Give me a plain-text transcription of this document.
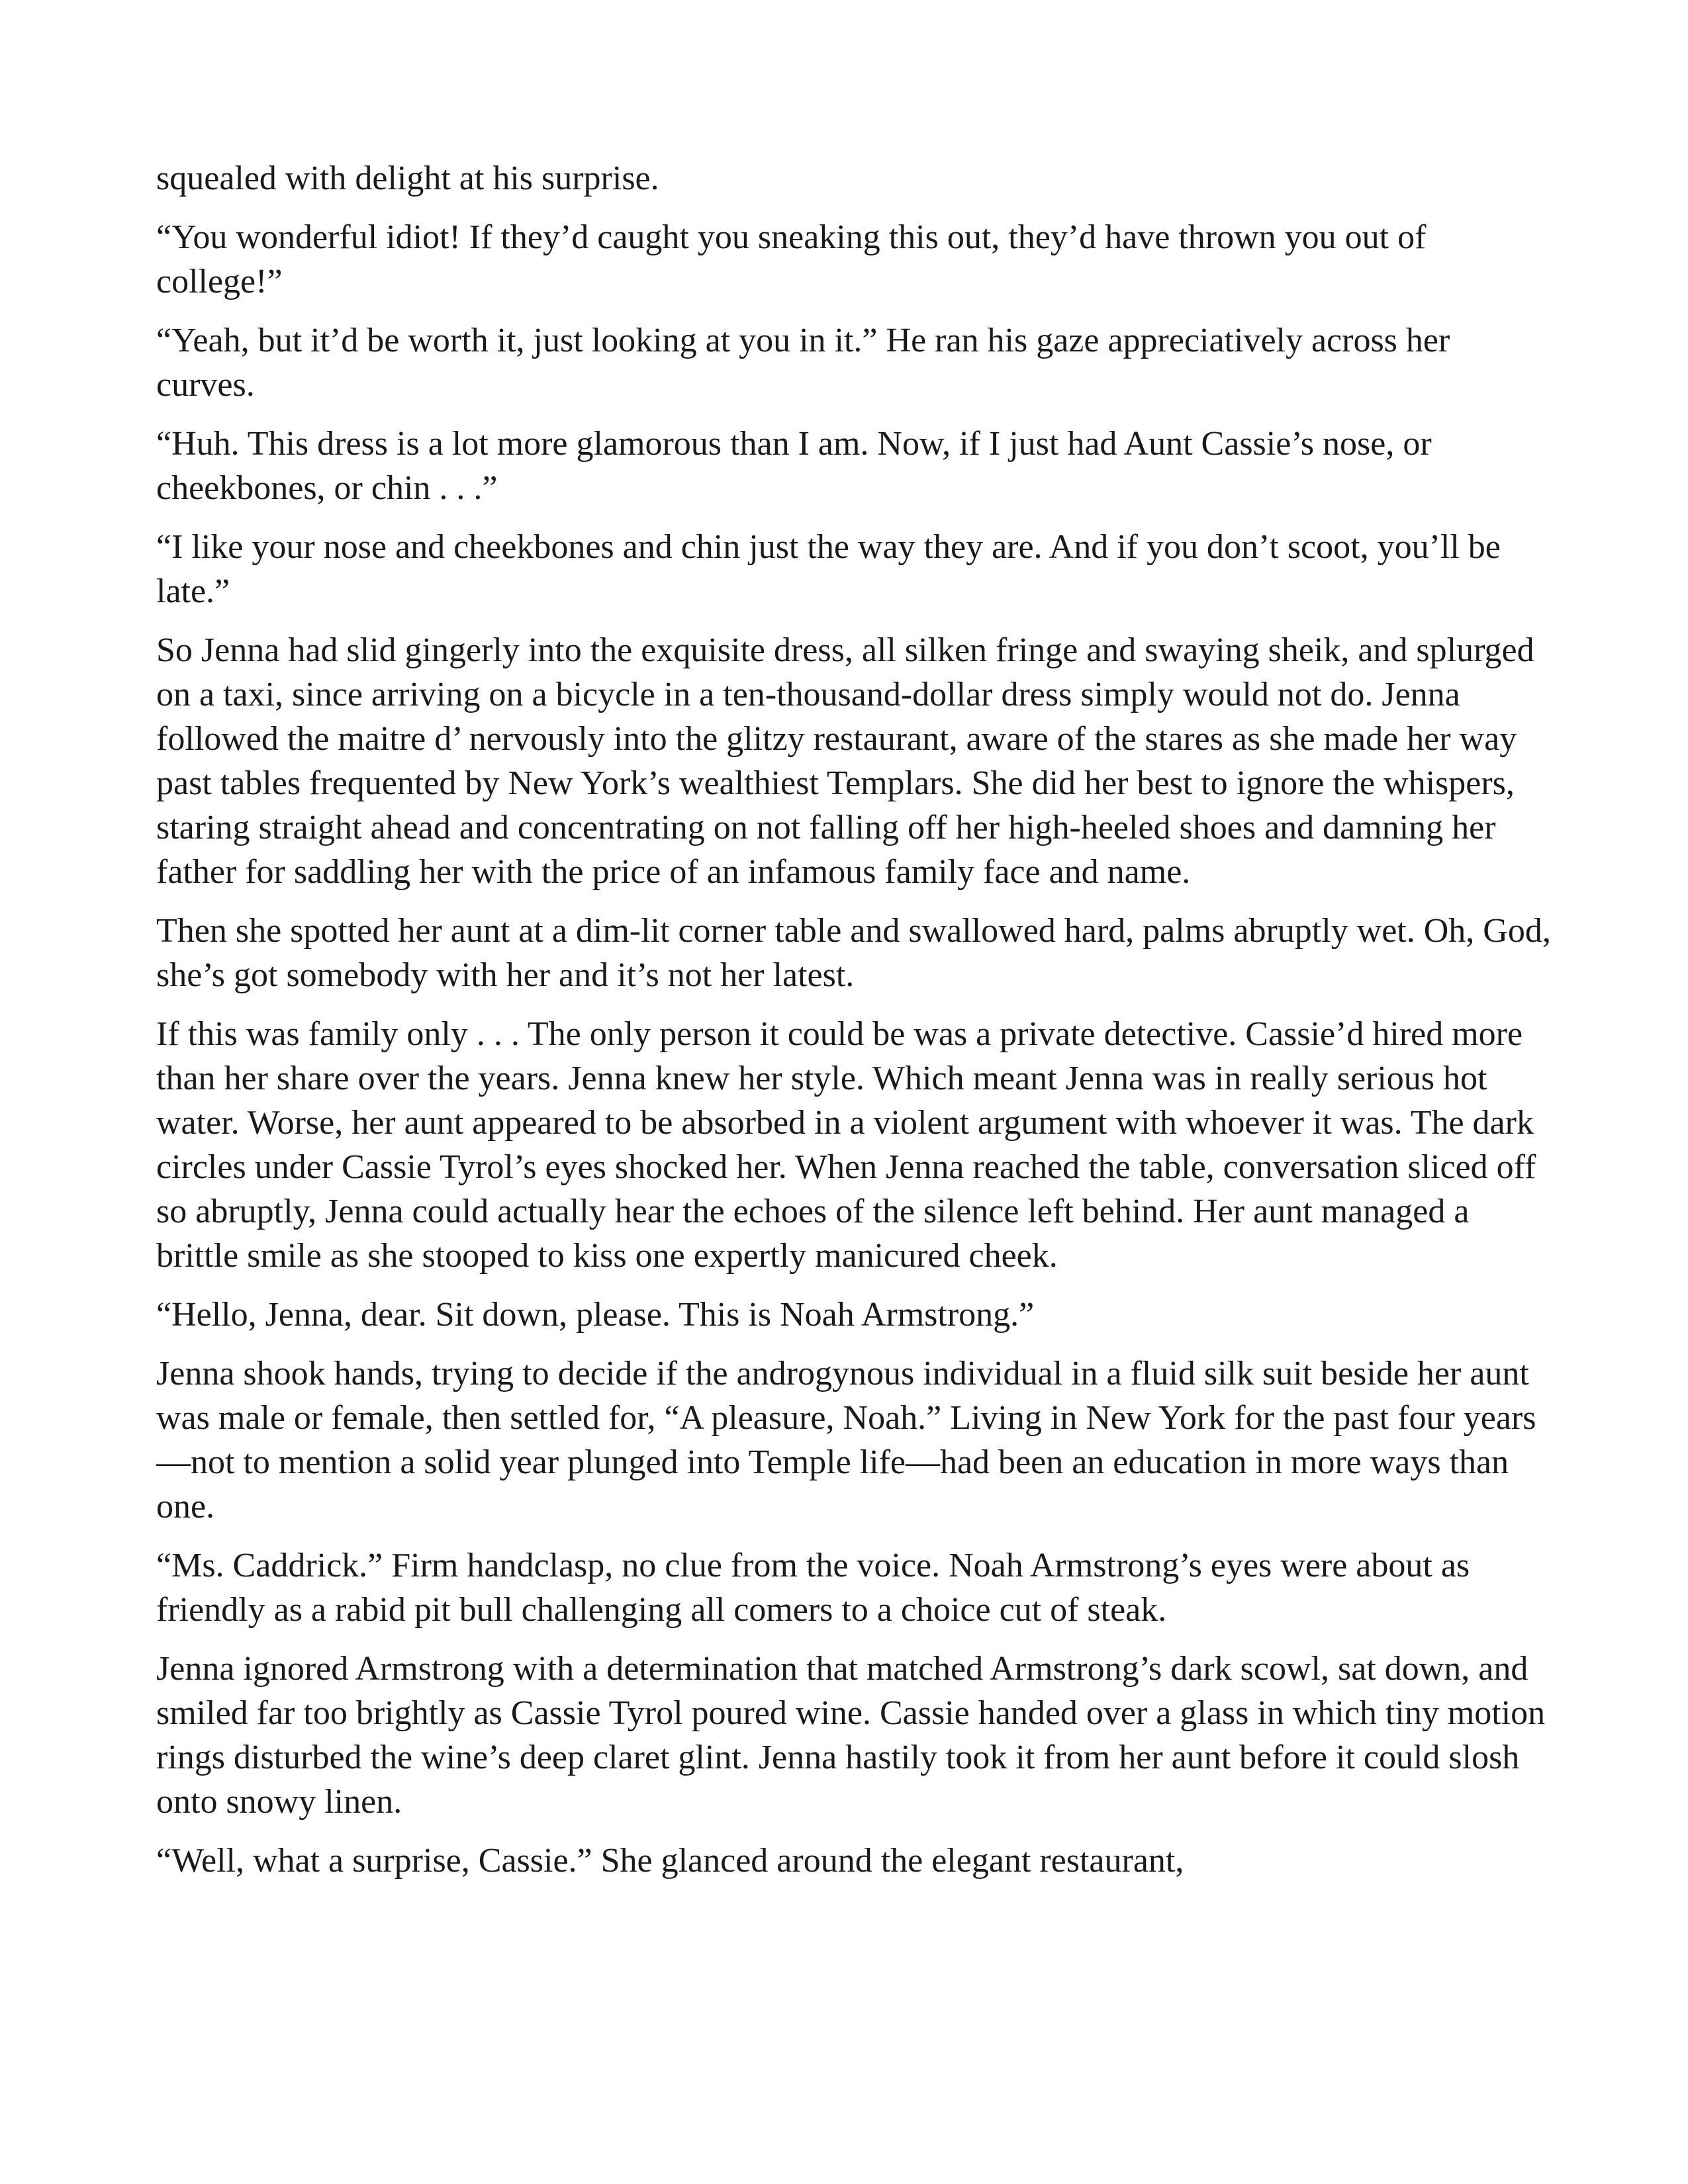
squealed with delight at his surprise.

“You wonderful idiot! If they’d caught you sneaking this out, they’d have thrown you out of college!”

“Yeah, but it’d be worth it, just looking at you in it.” He ran his gaze appreciatively across her curves.

“Huh. This dress is a lot more glamorous than I am. Now, if I just had Aunt Cassie’s nose, or cheekbones, or chin . . .”

“I like your nose and cheekbones and chin just the way they are. And if you don’t scoot, you’ll be late.”

So Jenna had slid gingerly into the exquisite dress, all silken fringe and swaying sheik, and splurged on a taxi, since arriving on a bicycle in a ten-thousand-dollar dress simply would not do. Jenna followed the maitre d’ nervously into the glitzy restaurant, aware of the stares as she made her way past tables frequented by New York’s wealthiest Templars. She did her best to ignore the whispers, staring straight ahead and concentrating on not falling off her high-heeled shoes and damning her father for saddling her with the price of an infamous family face and name.

Then she spotted her aunt at a dim-lit corner table and swallowed hard, palms abruptly wet. Oh, God, she’s got somebody with her and it’s not her latest.

If this was family only . . . The only person it could be was a private detective. Cassie’d hired more than her share over the years. Jenna knew her style. Which meant Jenna was in really serious hot water. Worse, her aunt appeared to be absorbed in a violent argument with whoever it was. The dark circles under Cassie Tyrol’s eyes shocked her. When Jenna reached the table, conversation sliced off so abruptly, Jenna could actually hear the echoes of the silence left behind. Her aunt managed a brittle smile as she stooped to kiss one expertly manicured cheek.

“Hello, Jenna, dear. Sit down, please. This is Noah Armstrong.”

Jenna shook hands, trying to decide if the androgynous individual in a fluid silk suit beside her aunt was male or female, then settled for, “A pleasure, Noah.” Living in New York for the past four years—not to mention a solid year plunged into Temple life—had been an education in more ways than one.

“Ms. Caddrick.” Firm handclasp, no clue from the voice. Noah Armstrong’s eyes were about as friendly as a rabid pit bull challenging all comers to a choice cut of steak.

Jenna ignored Armstrong with a determination that matched Armstrong’s dark scowl, sat down, and smiled far too brightly as Cassie Tyrol poured wine. Cassie handed over a glass in which tiny motion rings disturbed the wine’s deep claret glint. Jenna hastily took it from her aunt before it could slosh onto snowy linen.

“Well, what a surprise, Cassie.” She glanced around the elegant restaurant,
